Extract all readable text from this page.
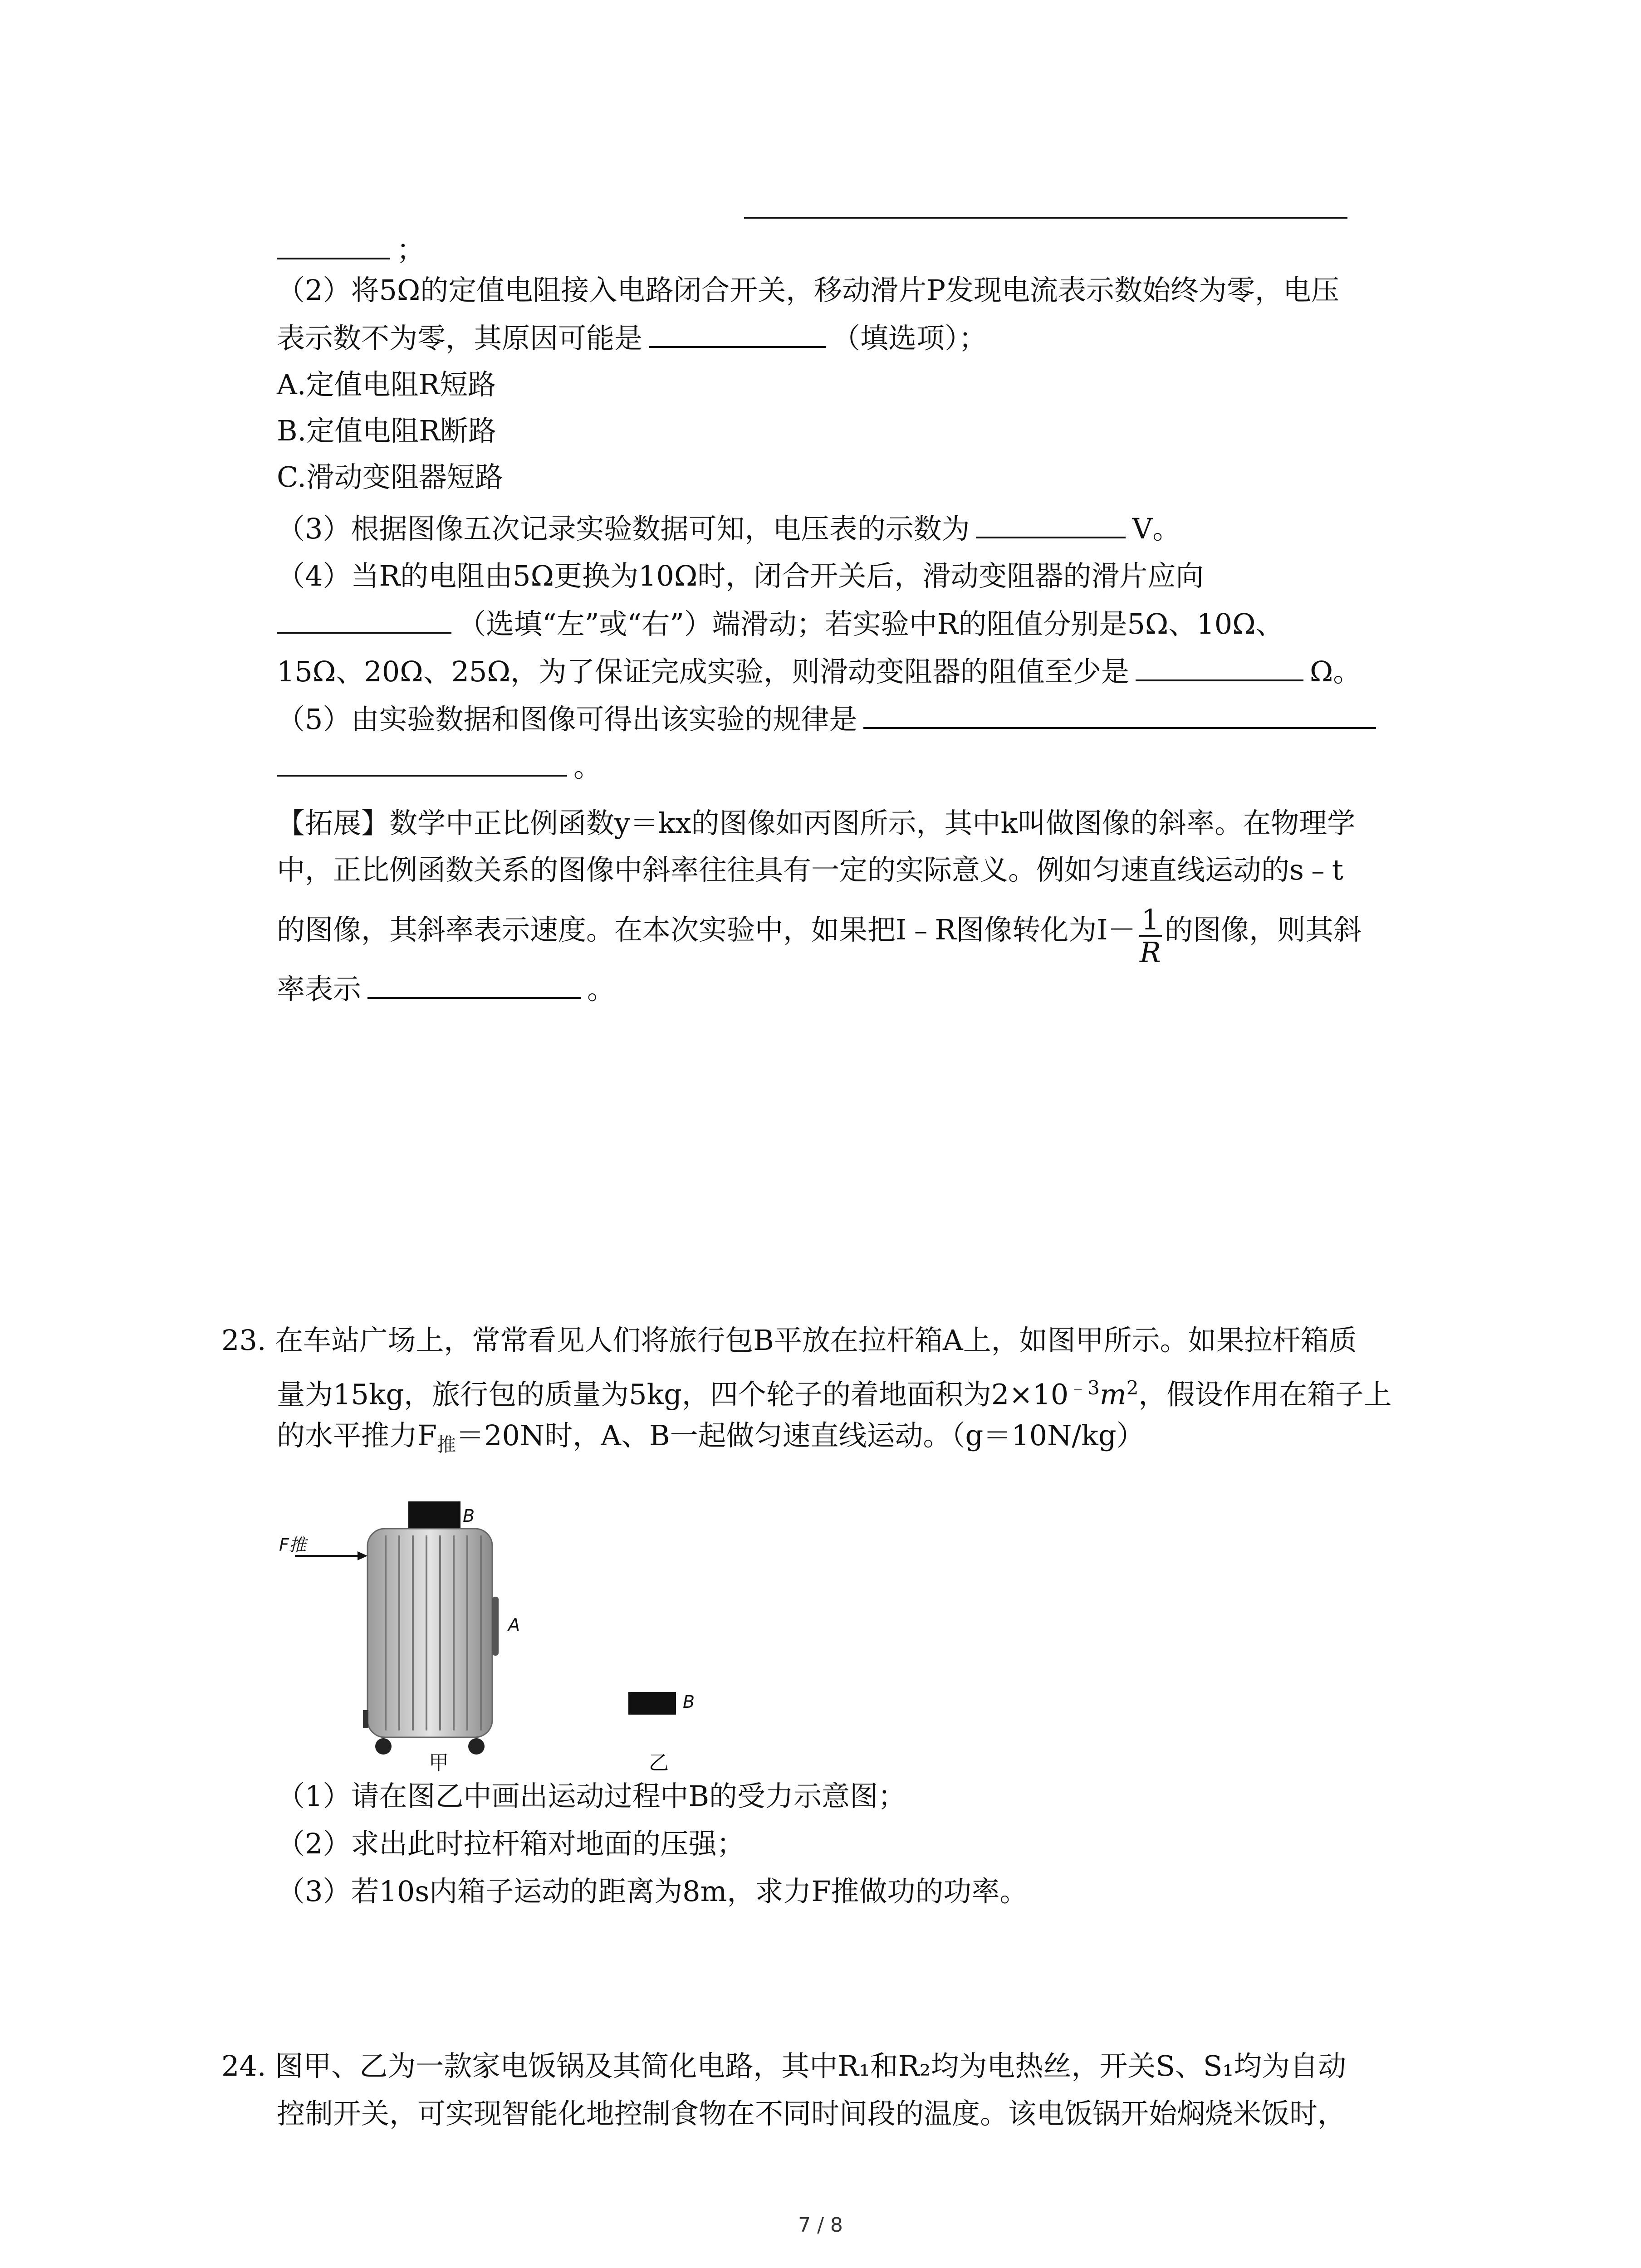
；
（2）将5Ω的定值电阻接入电路闭合开关，移动滑片P发现电流表示数始终为零，电压
表示数不为零，其原因可能是	（填选项）；
A.定值电阻R短路
B.定值电阻R断路
C.滑动变阻器短路
（3）根据图像五次记录实验数据可知，电压表的示数为	V。
（4）当R的电阻由5Ω更换为10Ω时，闭合开关后，滑动变阻器的滑片应向
（选填“左”或“右”）端滑动；若实验中R的阻值分别是5Ω、10Ω、
15Ω、20Ω、25Ω，为了保证完成实验，则滑动变阻器的阻值至少是	Ω。
（5）由实验数据和图像可得出该实验的规律是
。
【拓展】数学中正比例函数y＝kx的图像如丙图所示，其中k叫做图像的斜率。在物理学
中，正比例函数关系的图像中斜率往往具有一定的实际意义。例如匀速直线运动的s﹣t
的图像，其斜率表示速度。在本次实验中，如果把I﹣R图像转化为$I- \frac{1}{R}$ 的图像，则其斜
率表示	。
23. 在车站广场上，常常看见人们将旅行包B平放在拉杆箱A上，如图甲所示。如果拉杆箱质
量为15kg，旅行包的质量为5kg，四个轮子的着地面积为$2\times 10^{﹣3}m^2$，假设作用在箱子上
的水平推力$F_推=20N$时，A、B一起做匀速直线运动。（g＝10N/kg）
F推
B
A
B
甲	乙
（1）请在图乙中画出运动过程中B的受力示意图；
（2）求出此时拉杆箱对地面的压强；
（3）若10s内箱子运动的距离为8m，求力F推做功的功率。
24. 图甲、乙为一款家电饭锅及其简化电路，其中R₁和R₂均为电热丝，开关S、S₁均为自动
控制开关，可实现智能化地控制食物在不同时间段的温度。该电饭锅开始焖烧米饭时，
7 / 8
